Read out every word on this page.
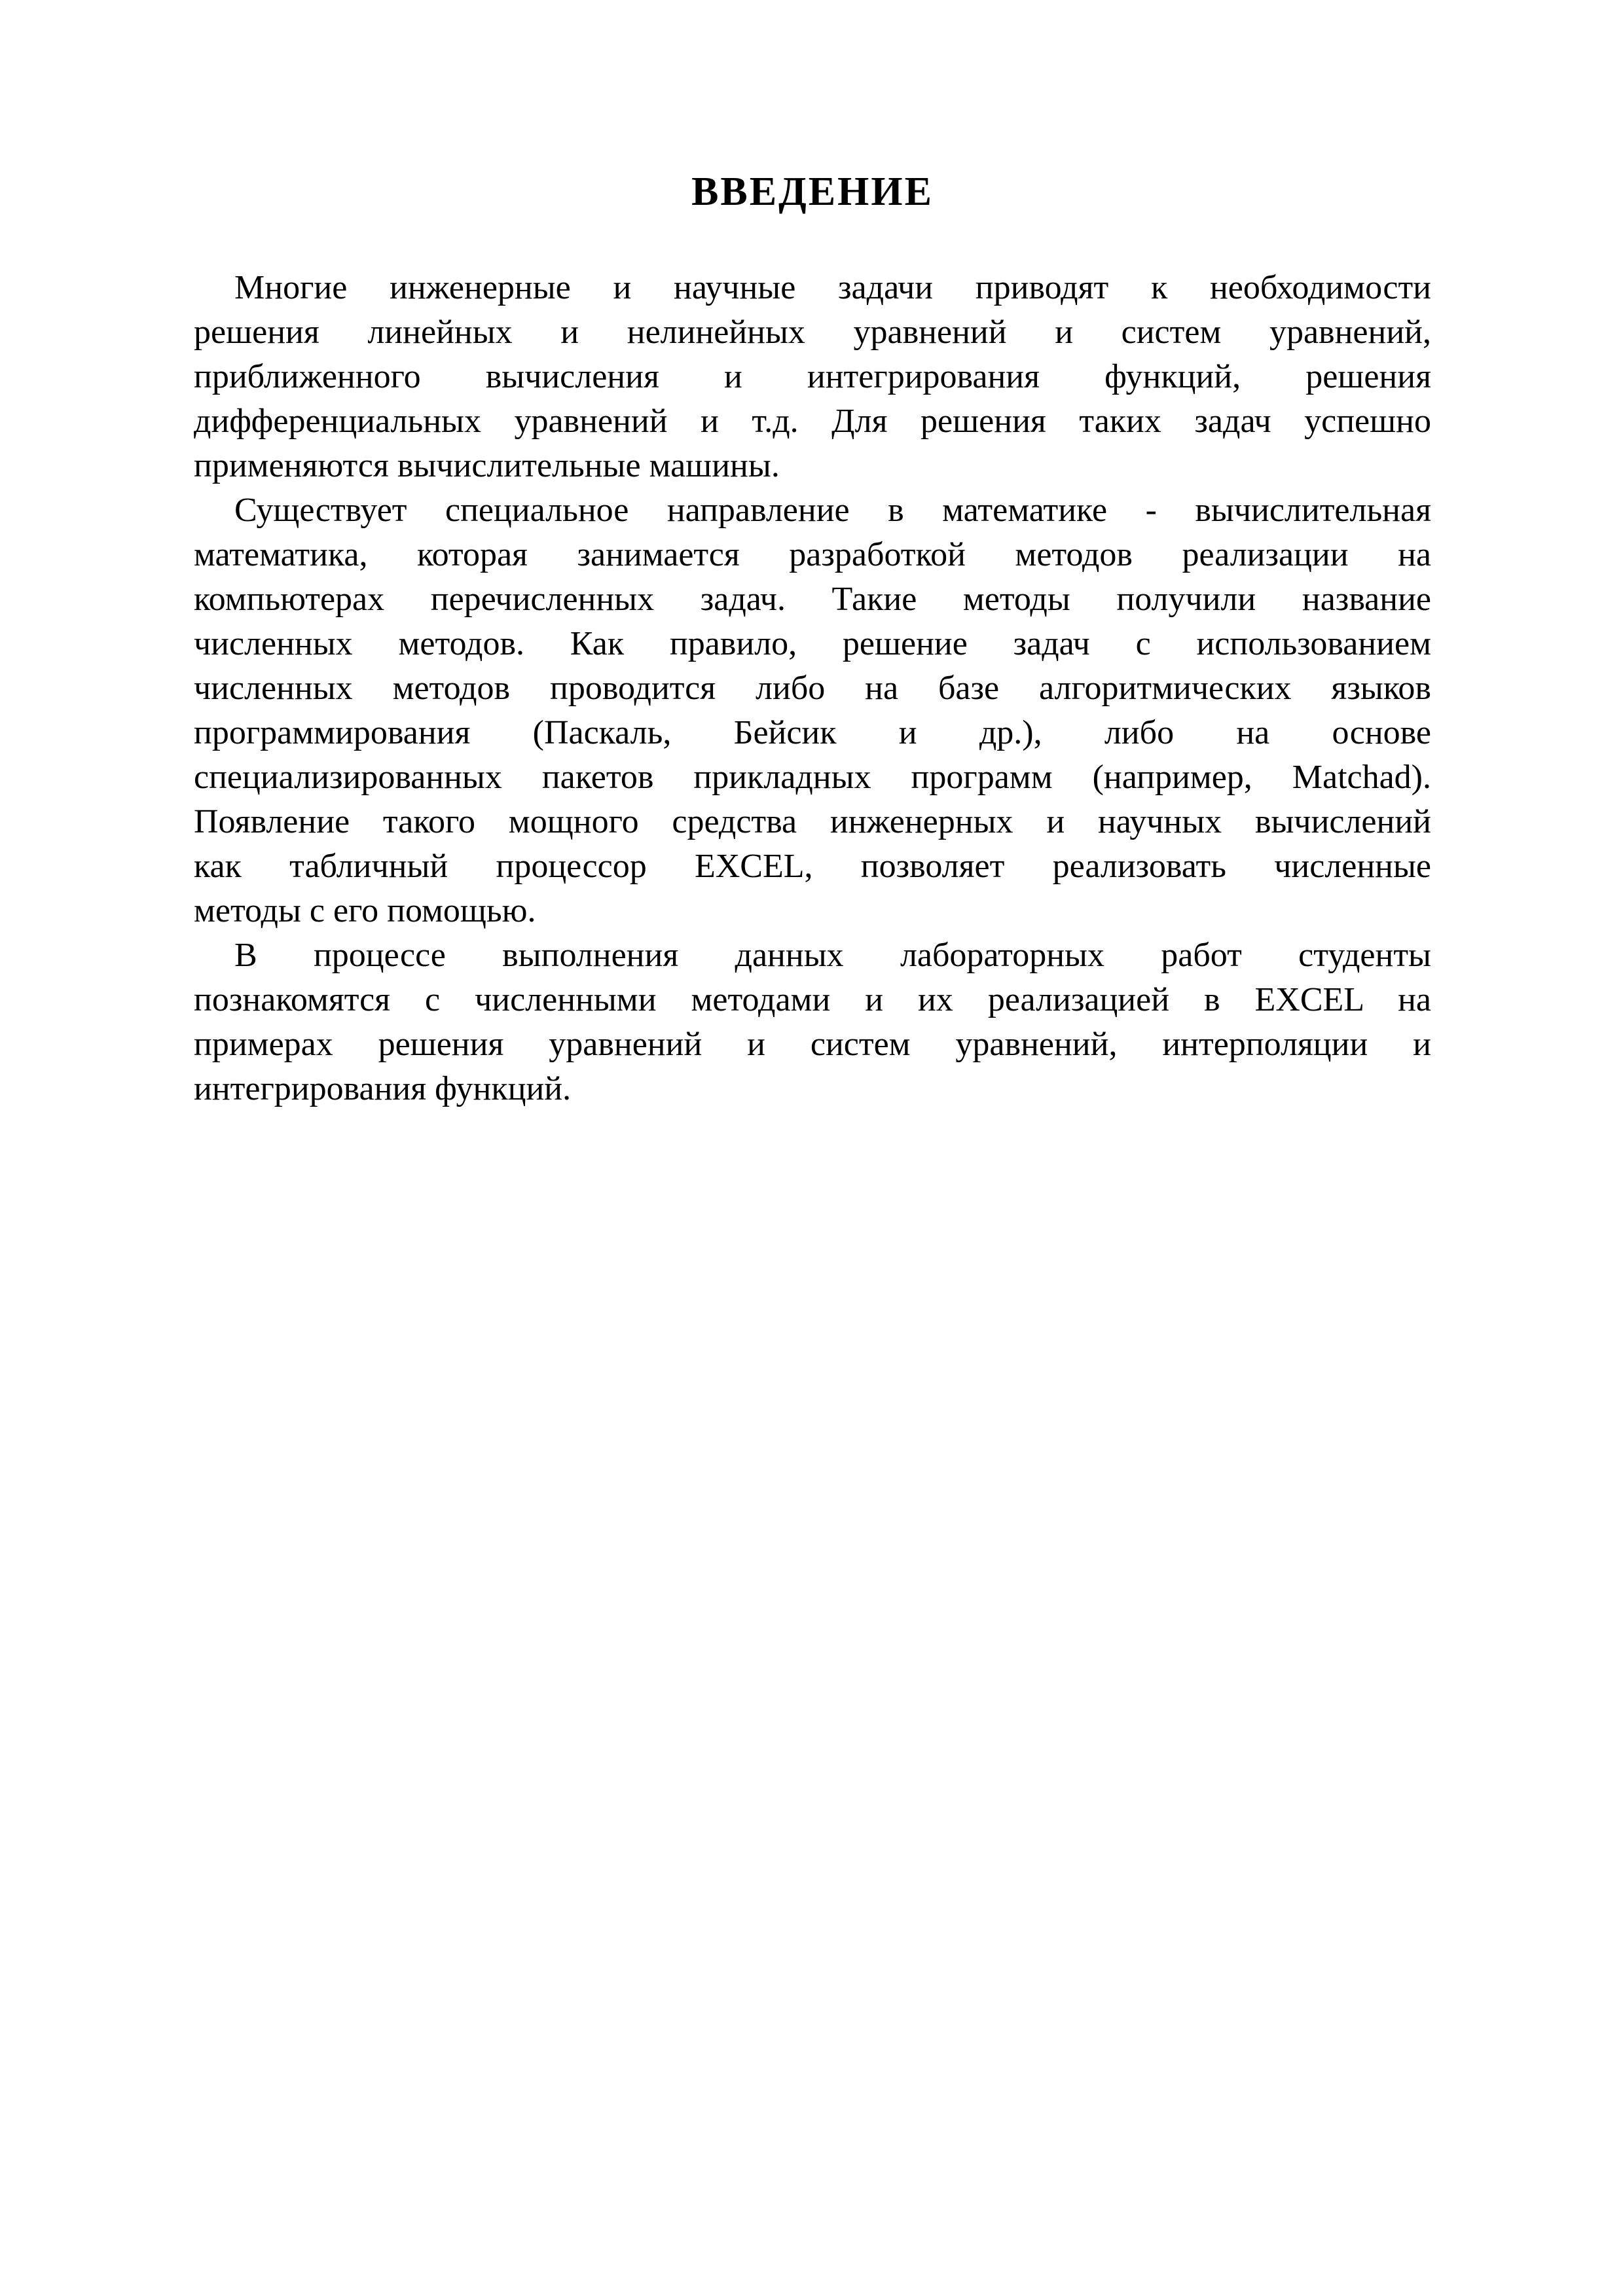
ВВЕДЕНИЕ
Многие инженерные и научные задачи приводят к необходимости
решения линейных и нелинейных уравнений и систем уравнений,
приближенного вычисления и интегрирования функций, решения
дифференциальных уравнений и т.д. Для решения таких задач успешно
применяются вычислительные машины.
Существует специальное направление в математике - вычислительная
математика, которая занимается разработкой методов реализации на
компьютерах перечисленных задач. Такие методы получили название
численных методов. Как правило, решение задач с использованием
численных методов проводится либо на базе алгоритмических языков
программирования (Паскаль, Бейсик и др.), либо на основе
специализированных пакетов прикладных программ (например, Matchad).
Появление такого мощного средства инженерных и научных вычислений
как табличный процессор EXCEL, позволяет реализовать численные
методы с его помощью.
В процессе выполнения данных лабораторных работ студенты
познакомятся с численными методами и их реализацией в EXCEL на
примерах решения уравнений и систем уравнений, интерполяции и
интегрирования функций.
